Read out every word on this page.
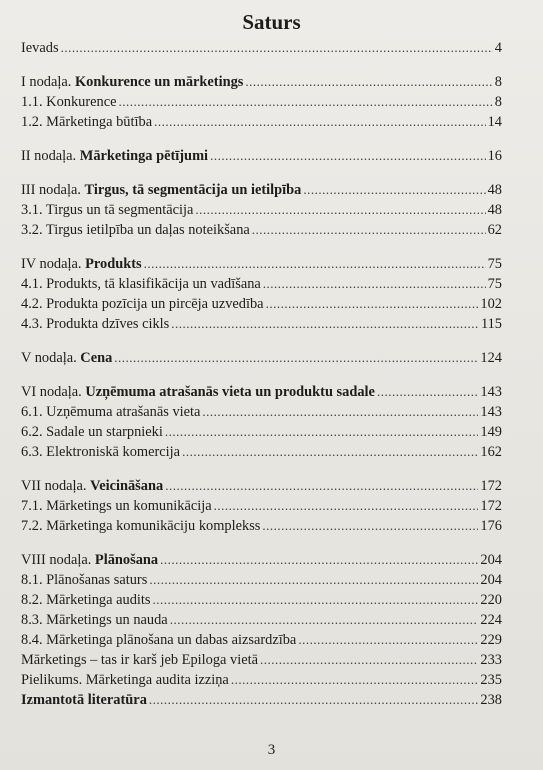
Saturs
Ievads .....	4
I nodaļa. Konkurence un mārketings .....	8
1.1. Konkurence .....	8
1.2. Mārketinga būtība .....	14
II nodaļa. Mārketinga pētījumi .....	16
III nodaļa. Tirgus, tā segmentācija un ietilpība .....	48
3.1. Tirgus un tā segmentācija .....	48
3.2. Tirgus ietilpība un daļas noteikšana .....	62
IV nodaļa. Produkts .....	75
4.1. Produkts, tā klasifikācija un vadīšana .....	75
4.2. Produkta pozīcija un pircēja uzvedība .....	102
4.3. Produkta dzīves cikls .....	115
V nodaļa. Cena .....	124
VI nodaļa. Uzņēmuma atrašanās vieta un produktu sadale .....	143
6.1. Uzņēmuma atrašanās vieta .....	143
6.2. Sadale un starpnieki .....	149
6.3. Elektroniskā komercija .....	162
VII nodaļa. Veicināšana .....	172
7.1. Mārketings un komunikācija .....	172
7.2. Mārketinga komunikāciju komplekss .....	176
VIII nodaļa. Plānošana .....	204
8.1. Plānošanas saturs .....	204
8.2. Mārketinga audits .....	220
8.3. Mārketings un nauda .....	224
8.4. Mārketinga plānošana un dabas aizsardzība .....	229
Mārketings – tas ir karš jeb Epiloga vietā .....	233
Pielikums. Mārketinga audita izziņa .....	235
Izmantotā literatūra .....	238
3
